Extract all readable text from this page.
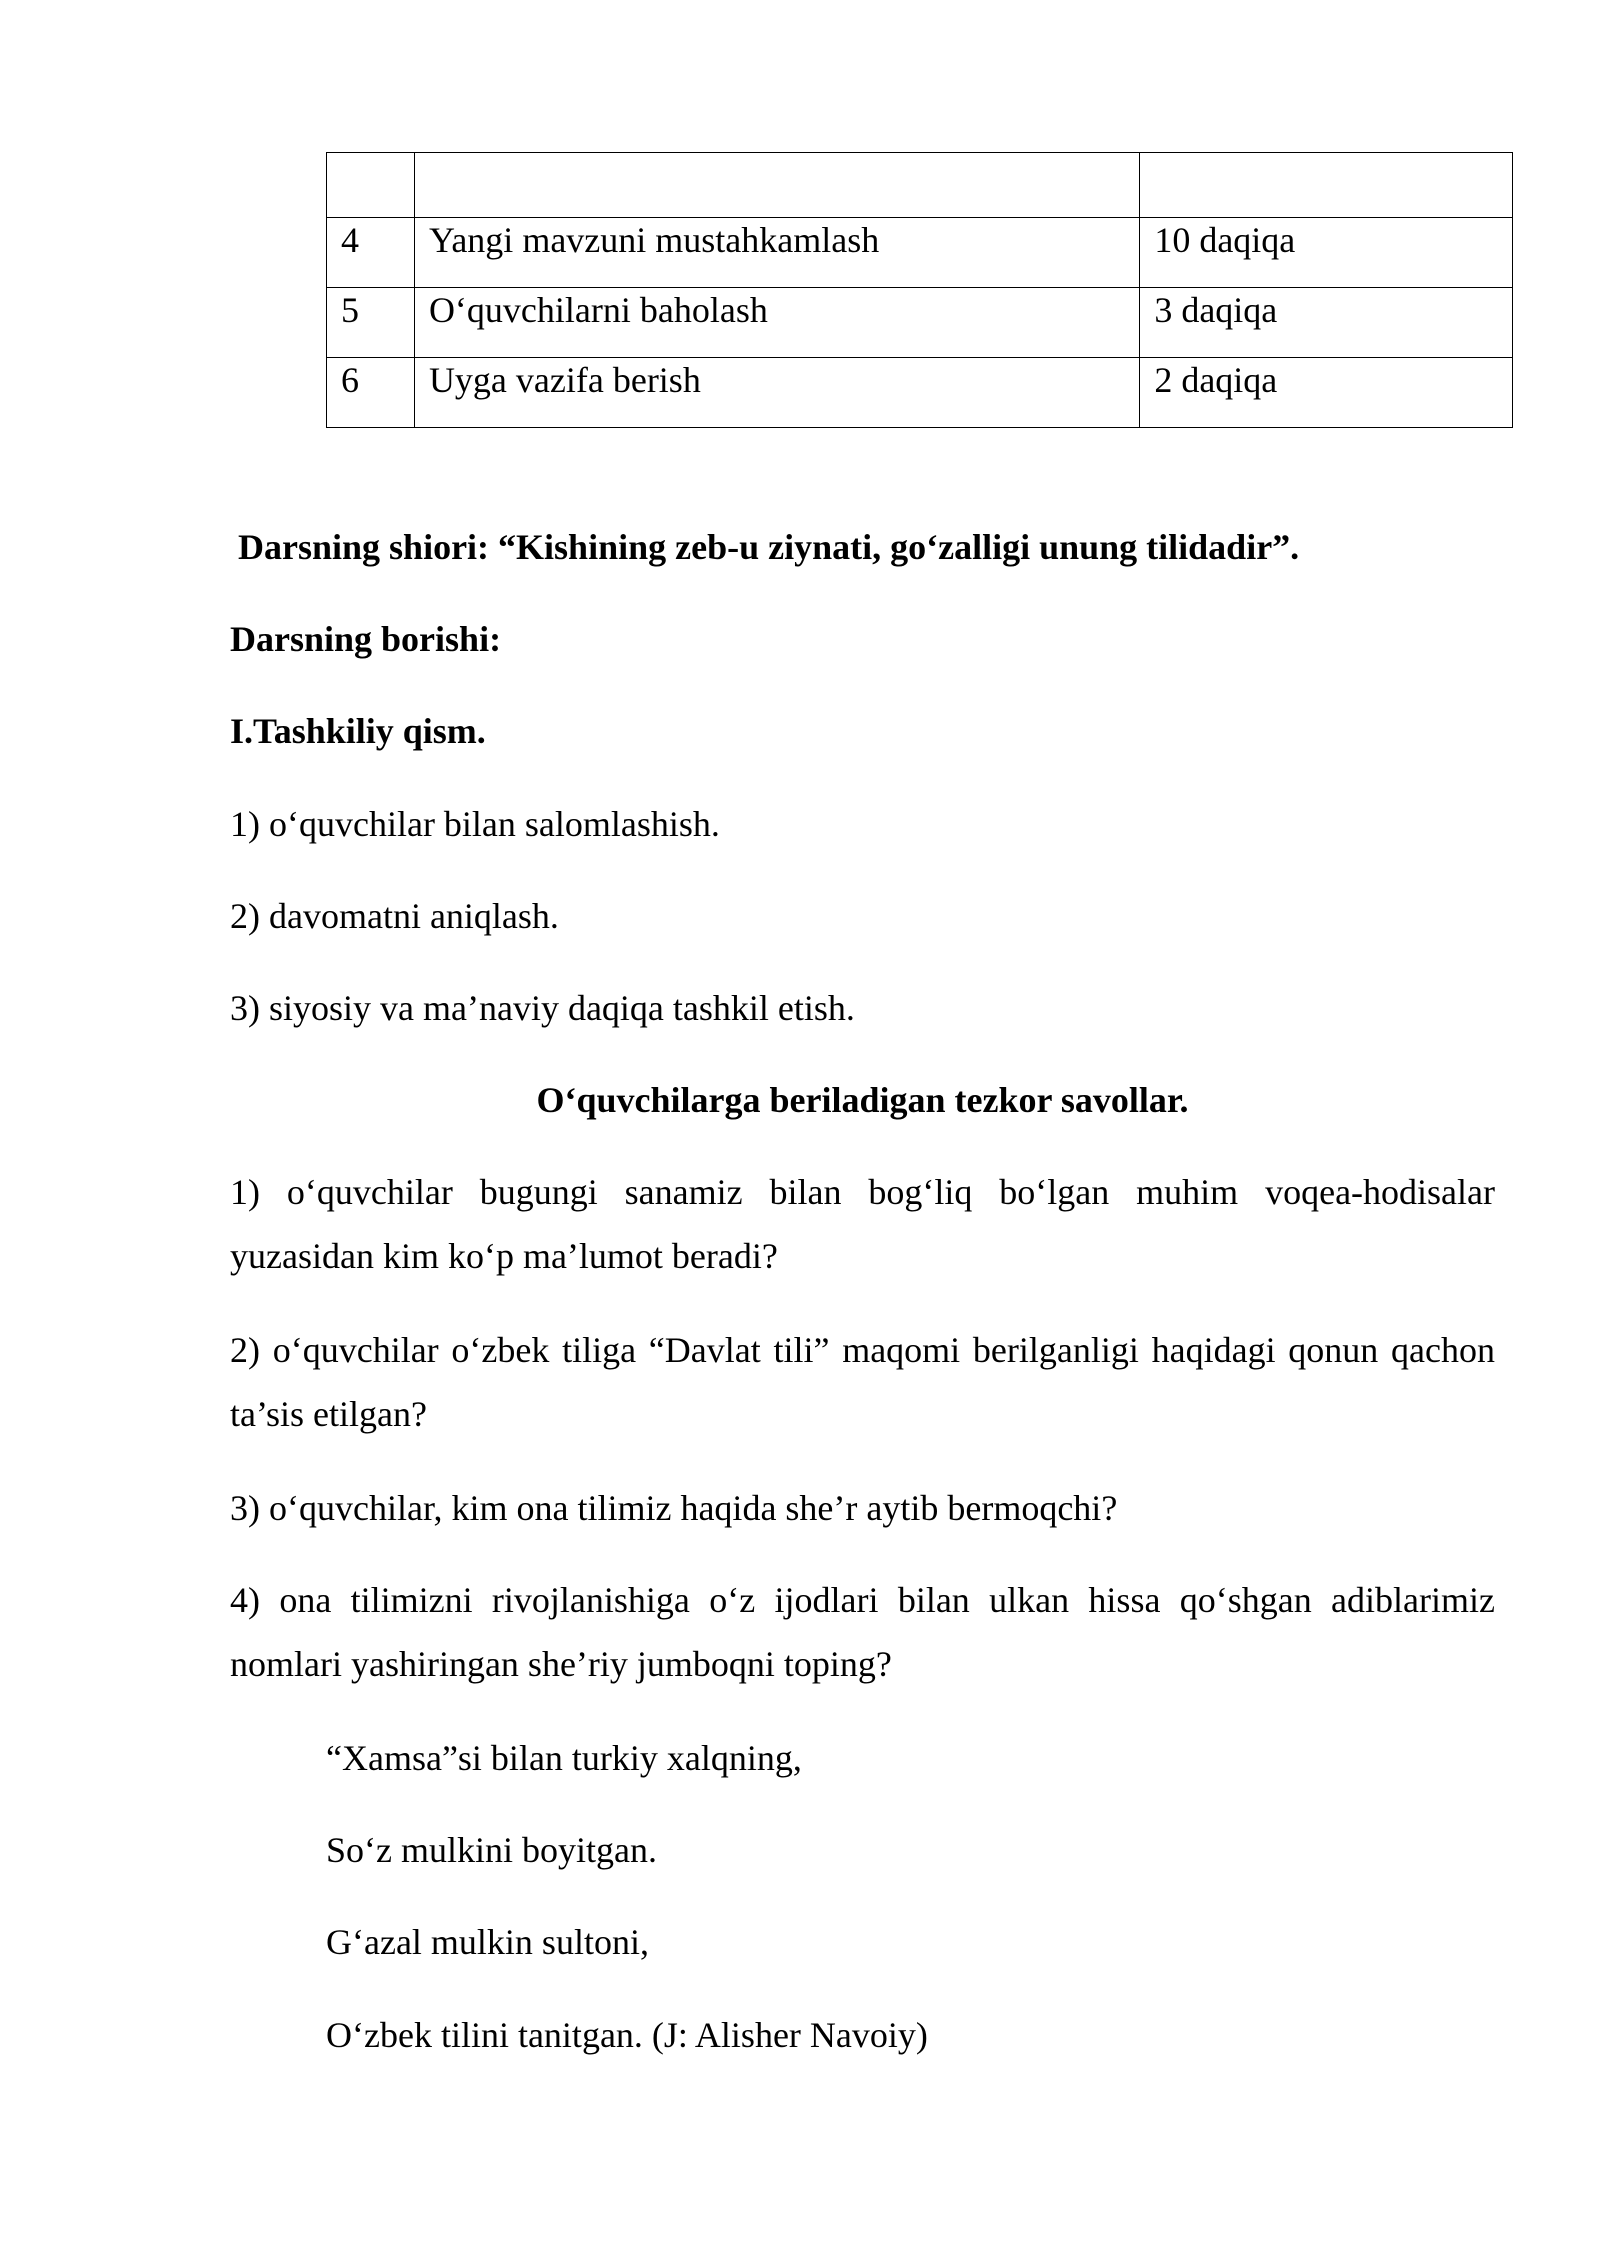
4	Yangi mavzuni mustahkamlash	10 daqiqa
5	O‘quvchilarni baholash	3 daqiqa
6	Uyga vazifa berish	2 daqiqa
Darsning shiori: “Kishining zeb-u ziynati, go‘zalligi unung tilidadir”.
Darsning borishi:
I.Tashkiliy qism.
1) o‘quvchilar bilan salomlashish.
2) davomatni aniqlash.
3) siyosiy va ma’naviy daqiqa tashkil etish.
O‘quvchilarga beriladigan tezkor savollar.
1) o‘quvchilar bugungi sanamiz bilan bog‘liq bo‘lgan muhim voqea-hodisalar yuzasidan kim ko‘p ma’lumot beradi?
2) o‘quvchilar o‘zbek tiliga “Davlat tili” maqomi berilganligi haqidagi qonun qachon ta’sis etilgan?
3) o‘quvchilar, kim ona tilimiz haqida she’r aytib bermoqchi?
4) ona tilimizni rivojlanishiga o‘z ijodlari bilan ulkan hissa qo‘shgan adiblarimiz nomlari yashiringan she’riy jumboqni toping?
“Xamsa”si bilan turkiy xalqning,
So‘z mulkini boyitgan.
G‘azal mulkin sultoni,
O‘zbek tilini tanitgan. (J: Alisher Navoiy)
